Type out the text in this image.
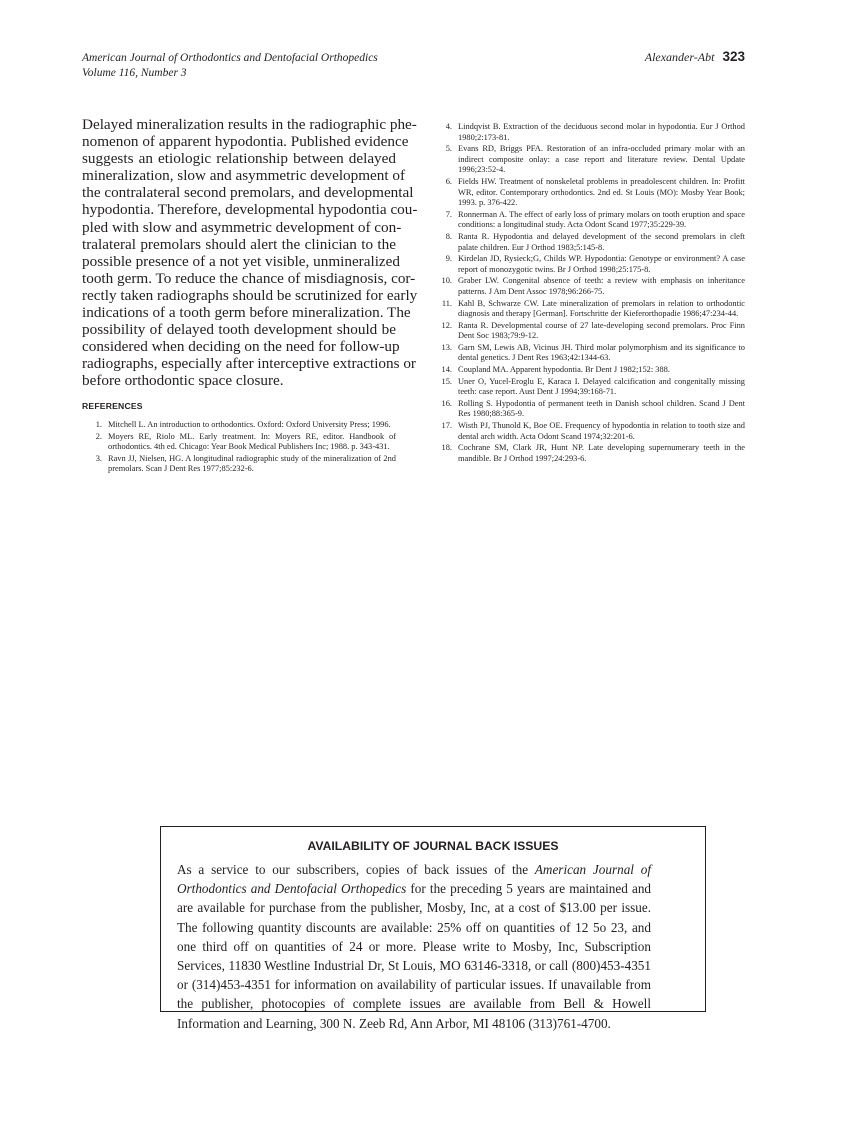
American Journal of Orthodontics and Dentofacial Orthopedics
Volume 116, Number 3
Alexander-Abt 323
Delayed mineralization results in the radiographic phe-
nomenon of apparent hypodontia. Published evidence
suggests an etiologic relationship between delayed
mineralization, slow and asymmetric development of
the contralateral second premolars, and developmental
hypodontia. Therefore, developmental hypodontia cou-
pled with slow and asymmetric development of con-
tralateral premolars should alert the clinician to the
possible presence of a not yet visible, unmineralized
tooth germ. To reduce the chance of misdiagnosis, cor-
rectly taken radiographs should be scrutinized for early
indications of a tooth germ before mineralization. The
possibility of delayed tooth development should be
considered when deciding on the need for follow-up
radiographs, especially after interceptive extractions or
before orthodontic space closure.
REFERENCES
1. Mitchell L. An introduction to orthodontics. Oxford: Oxford University Press; 1996.
2. Moyers RE, Riolo ML. Early treatment. In: Moyers RE, editor. Handbook of orthodontics. 4th ed. Chicago: Year Book Medical Publishers Inc; 1988. p. 343-431.
3. Ravn JJ, Nielsen, HG. A longitudinal radiographic study of the mineralization of 2nd premolars. Scan J Dent Res 1977;85:232-6.
4. Lindqvist B. Extraction of the deciduous second molar in hypodontia. Eur J Orthod 1980;2:173-81.
5. Evans RD, Briggs PFA. Restoration of an infra-occluded primary molar with an indirect composite onlay: a case report and literature review. Dental Update 1996;23:52-4.
6. Fields HW. Treatment of nonskeletal problems in preadolescent children. In: Profitt WR, editor. Contemporary orthodontics. 2nd ed. St Louis (MO): Mosby Year Book; 1993. p. 376-422.
7. Ronnerman A. The effect of early loss of primary molars on tooth eruption and space conditions: a longitudinal study. Acta Odont Scand 1977;35:229-39.
8. Ranta R. Hypodontia and delayed development of the second premolars in cleft palate children. Eur J Orthod 1983;5:145-8.
9. Kirdelan JD, Rysieck;G, Childs WP. Hypodontia: Genotype or environment? A case report of monozygotic twins. Br J Orthod 1998;25:175-8.
10. Graber LW. Congenital absence of teeth: a review with emphasis on inheritance patterns. J Am Dent Assoc 1978;96:266-75.
11. Kahl B, Schwarze CW. Late mineralization of premolars in relation to orthodontic diagnosis and therapy [German]. Fortschritte der Kieferorthopadie 1986;47:234-44.
12. Ranta R. Developmental course of 27 late-developing second premolars. Proc Finn Dent Soc 1983;79:9-12.
13. Garn SM, Lewis AB, Vicinus JH. Third molar polymorphism and its significance to dental genetics. J Dent Res 1963;42:1344-63.
14. Coupland MA. Apparent hypodontia. Br Dent J 1982;152: 388.
15. Uner O, Yucel-Eroglu E, Karaca I. Delayed calcification and congenitally missing teeth: case report. Aust Dent J 1994;39:168-71.
16. Rolling S. Hypodontia of permanent teeth in Danish school children. Scand J Dent Res 1980;88:365-9.
17. Wisth PJ, Thunold K, Boe OE. Frequency of hypodontia in relation to tooth size and dental arch width. Acta Odont Scand 1974;32:201-6.
18. Cochrane SM, Clark JR, Hunt NP. Late developing supernumerary teeth in the mandible. Br J Orthod 1997;24:293-6.
AVAILABILITY OF JOURNAL BACK ISSUES

As a service to our subscribers, copies of back issues of the American Journal of Orthodontics and Dentofacial Orthopedics for the preceding 5 years are maintained and are available for purchase from the publisher, Mosby, Inc, at a cost of $13.00 per issue. The following quantity discounts are available: 25% off on quantities of 12 5o 23, and one third off on quantities of 24 or more. Please write to Mosby, Inc, Subscription Services, 11830 Westline Industrial Dr, St Louis, MO 63146-3318, or call (800)453-4351 or (314)453-4351 for information on availability of particular issues. If unavailable from the publisher, photocopies of complete issues are available from Bell & Howell Information and Learning, 300 N. Zeeb Rd, Ann Arbor, MI 48106 (313)761-4700.
